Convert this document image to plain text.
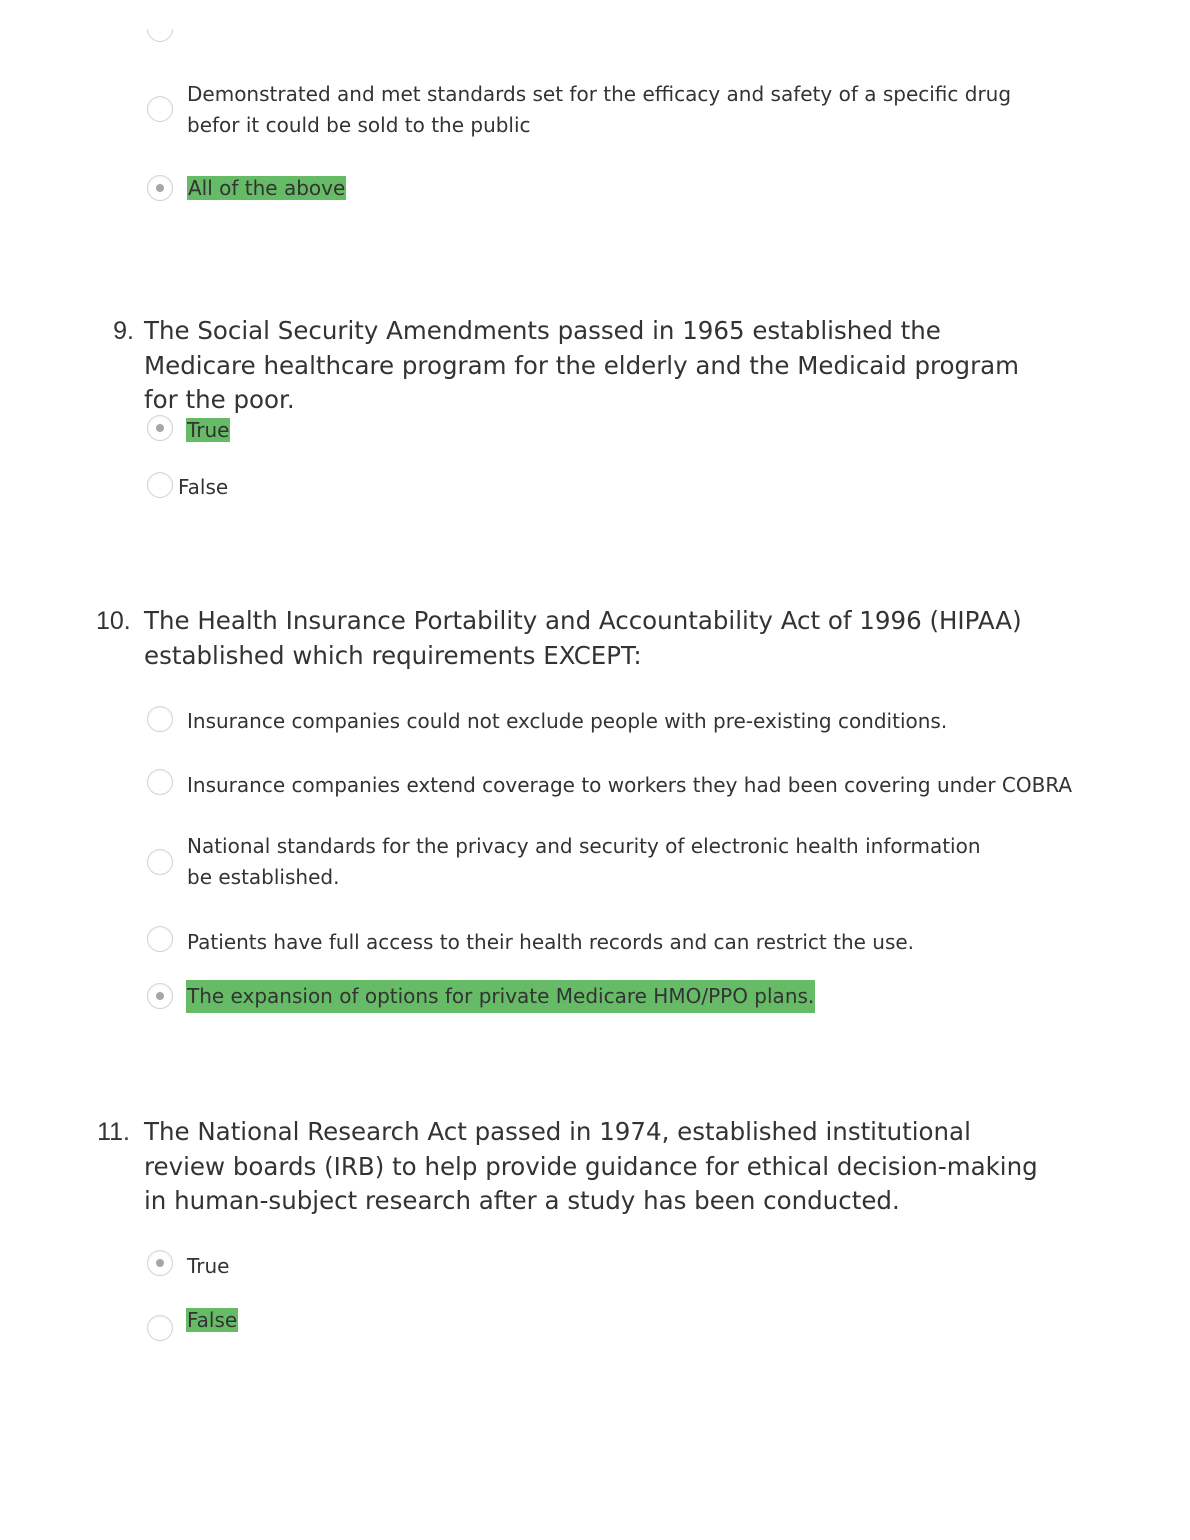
Demonstrated and met standards set for the efficacy and safety of a specific drug befor it could be sold to the public
All of the above
9. The Social Security Amendments passed in 1965 established the Medicare healthcare program for the elderly and the Medicaid program for the poor.
True
False
10. The Health Insurance Portability and Accountability Act of 1996 (HIPAA) established which requirements EXCEPT:
Insurance companies could not exclude people with pre-existing conditions.
Insurance companies extend coverage to workers they had been covering under COBRA
National standards for the privacy and security of electronic health information be established.
Patients have full access to their health records and can restrict the use.
The expansion of options for private Medicare HMO/PPO plans.
11. The National Research Act passed in 1974, established institutional review boards (IRB) to help provide guidance for ethical decision-making in human-subject research after a study has been conducted.
True
False
